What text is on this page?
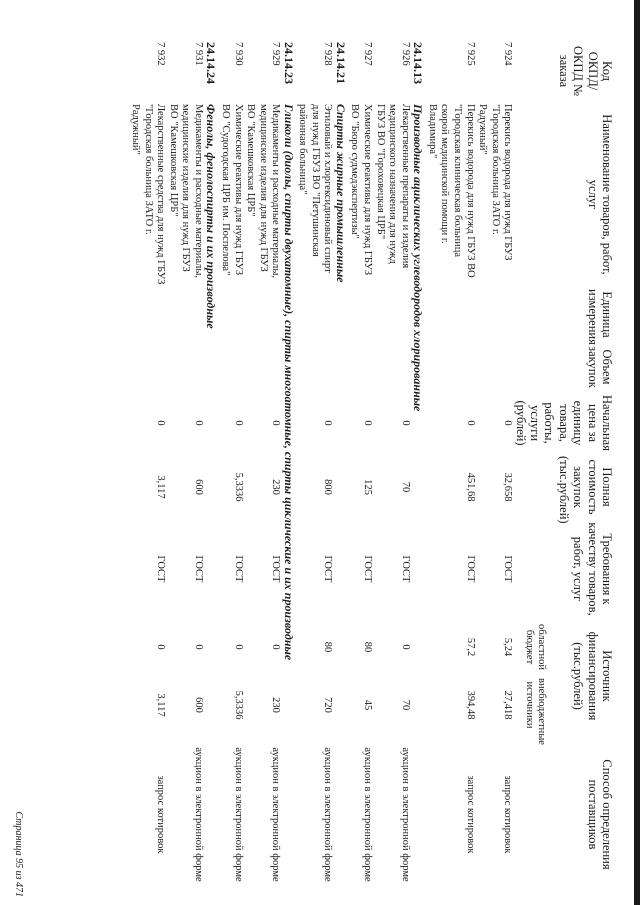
Код ОКПД/ ОКПД № заказа	Наименование товаров, работ, услуг	Единица измерения	Объем закупок	Начальная цена за единицу товара, работы, услуги (рублей)	Полная стоимость закупок (тыс.рублей)	Требования к качеству товаров, работ, услуг	Источник финансирования (тыс.рублей)		Способ определения поставщиков
							областной бюджет	внебюджетные источники	
7 924	Перекись водорода для нужд ГБУЗ "Городская больница ЗАТО г. Радужный"			0	32,658	ГОСТ	5,24	27,418	запрос котировок
7 925	Перекись водорода для нужд ГБУЗ ВО "Городская клиническая больница скорой медицинской помощи г. Владимира"			0	451,68	ГОСТ	57,2	394,48	запрос котировок
24.14.13	Производные ациклических углеводородов хлорированные								
7 926	Лекарственные препараты и изделия медицинского назначения для нужд ГБУЗ ВО "Гороховецкая ЦРБ"			0	70	ГОСТ	0	70	аукцион в электронной форме
7 927	Химические реактивы для нужд ГБУЗ ВО "Бюро судмедэкспертизы"			0	125	ГОСТ	80	45	аукцион в электронной форме
24.14.21	Спирты жирные промышленные								
7 928	Этиловый и хлоргексидиновый спирт для нужд ГБУЗ ВО "Петушинская районная больница"			0	800	ГОСТ	80	720	аукцион в электронной форме
24.14.23	Гликоли (диолы, спирты двухатомные), спирты многоатомные, спирты циклические и их производные								
7 929	Медикаменты и расходные материалы, медицинские изделия для нужд ГБУЗ ВО "Камешковская ЦРБ"			0	230	ГОСТ	0	230	аукцион в электронной форме
7 930	Химические реактивы для нужд ГБУЗ ВО "Судогодская ЦРБ им. Поспелова"			0	5,3336	ГОСТ	0	5,3336	аукцион в электронной форме
24.14.24	Фенолы, фенолоспирты и их производные								
7 931	Медикаменты и расходные материалы, медицинские изделия для нужд ГБУЗ ВО "Камешковская ЦРБ"			0	600	ГОСТ	0	600	аукцион в электронной форме
7 932	Лекарственные средства для нужд ГБУЗ "Городская больница ЗАТО г. Радужный"			0	3,117	ГОСТ	0	3,117	запрос котировок
Страница 95 из 471
